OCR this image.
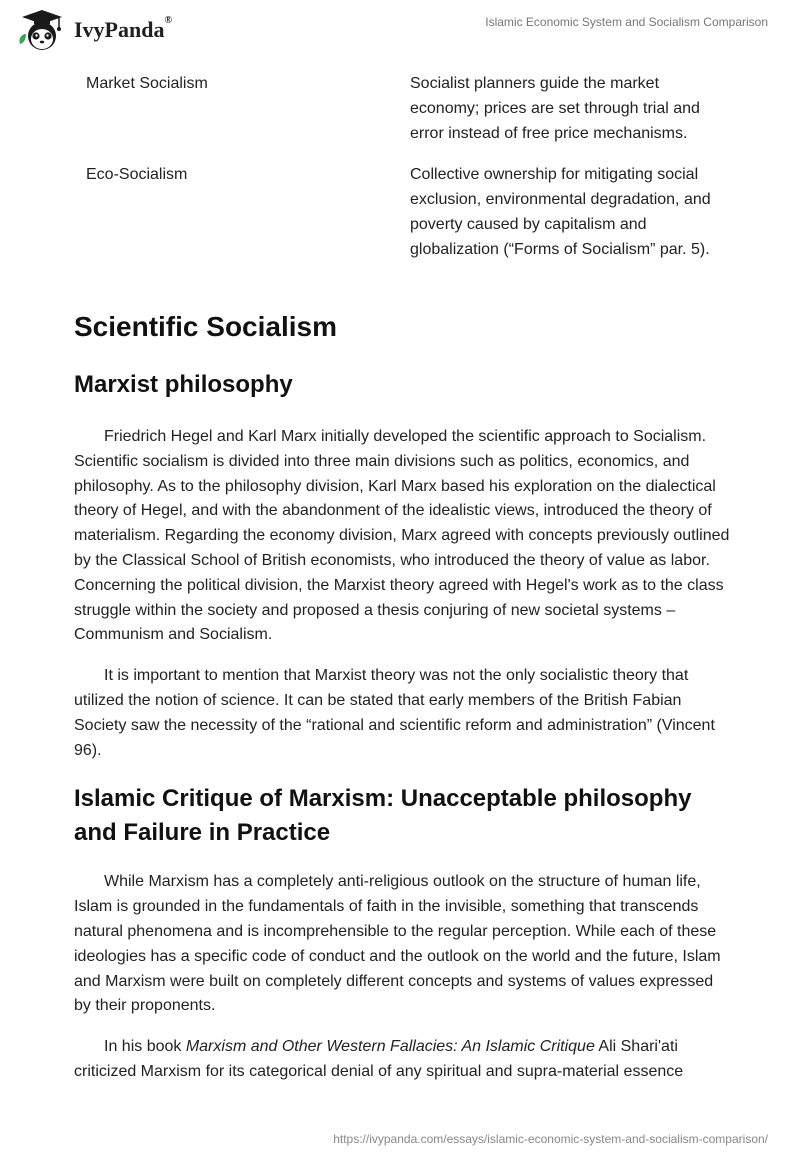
IvyPanda®	Islamic Economic System and Socialism Comparison
Market Socialism	Socialist planners guide the market economy; prices are set through trial and error instead of free price mechanisms.
Eco-Socialism	Collective ownership for mitigating social exclusion, environmental degradation, and poverty caused by capitalism and globalization (“Forms of Socialism” par. 5).
Scientific Socialism
Marxist philosophy

Friedrich Hegel and Karl Marx initially developed the scientific approach to Socialism. Scientific socialism is divided into three main divisions such as politics, economics, and philosophy. As to the philosophy division, Karl Marx based his exploration on the dialectical theory of Hegel, and with the abandonment of the idealistic views, introduced the theory of materialism. Regarding the economy division, Marx agreed with concepts previously outlined by the Classical School of British economists, who introduced the theory of value as labor. Concerning the political division, the Marxist theory agreed with Hegel's work as to the class struggle within the society and proposed a thesis conjuring of new societal systems – Communism and Socialism.

It is important to mention that Marxist theory was not the only socialistic theory that utilized the notion of science. It can be stated that early members of the British Fabian Society saw the necessity of the “rational and scientific reform and administration” (Vincent 96).

Islamic Critique of Marxism: Unacceptable philosophy and Failure in Practice

While Marxism has a completely anti-religious outlook on the structure of human life, Islam is grounded in the fundamentals of faith in the invisible, something that transcends natural phenomena and is incomprehensible to the regular perception. While each of these ideologies has a specific code of conduct and the outlook on the world and the future, Islam and Marxism were built on completely different concepts and systems of values expressed by their proponents.

In his book Marxism and Other Western Fallacies: An Islamic Critique Ali Shari'ati criticized Marxism for its categorical denial of any spiritual and supra-material essence

https://ivypanda.com/essays/islamic-economic-system-and-socialism-comparison/
